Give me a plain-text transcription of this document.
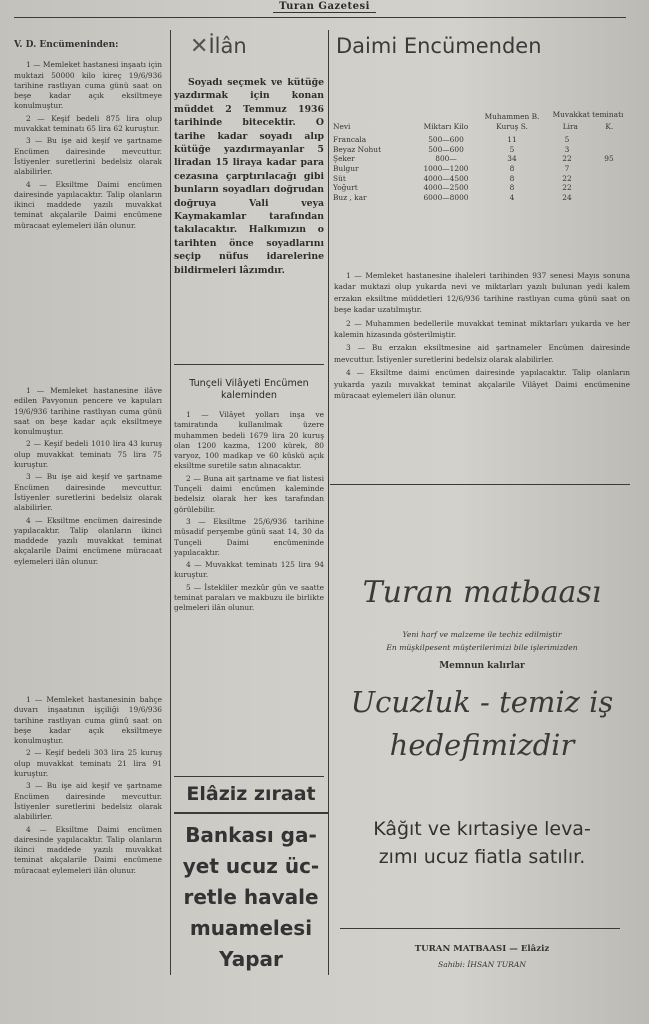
Turan Gazetesi

V. D. Encümeninden:

1 — Memleket hastanesi inşaatı için muktazi 50000 kilo kireç 19/6/936 tarihine rastlıyan cuma günü saat on beşe kadar açık eksiltmeye konulmuştur.

2 — Keşif bedeli 875 lira olup muvakkat teminatı 65 lira 62 kuruştur.

3 — Bu işe aid keşif ve şartname Encümen dairesinde mevcuttur. İstiyenler suretlerini bedelsiz olarak alabilirler.

4 — Eksiltme Daimi encümen dairesinde yapılacaktır. Talip olanların ikinci maddede yazılı muvakkat teminat akçalarile Daimi encümene müracaat eylemeleri ilân olunur.

1 — Memleket hastanesine ilâve edilen Pavyonun pencere ve kapuları 19/6/936 tarihine rastlıyan cuma günü saat on beşe kadar açık eksiltmeye konulmuştur.

2 — Keşif bedeli 1010 lira 43 kuruş olup muvakkat teminatı 75 lira 75 kuruştur.

3 — Bu işe aid keşif ve şartname Encümen dairesinde mevcuttur. İstiyenler suretlerini bedelsiz olarak alabilirler.

4 — Eksiltme encümen dairesinde yapılacaktır. Talip olanların ikinci maddede yazılı muvakkat teminat akçalarile Daimi encümene müracaat eylemeleri ilân olunur.

1 — Memleket hastanesinin bahçe duvarı inşaatının işçiliği 19/6/936 tarihine rastlıyan cuma günü saat on beşe kadar açık eksiltmeye konulmuştur.

2 — Keşif bedeli 303 lira 25 kuruş olup muvakkat teminatı 21 lira 91 kuruştur.

3 — Bu işe aid keşif ve şartname Encümen dairesinde mevcuttur. İstiyenler suretlerini bedelsiz olarak alabilirler.

4 — Eksiltme Daimi encümen dairesinde yapılacaktır. Talip olanların ikinci maddede yazılı muvakkat teminat akçalarile Daimi encümene müracaat eylemeleri ilân olunur.

✕İlân

Soyadı seçmek ve kütüğe yazdırmak için konan müddet 2 Temmuz 1936 tarihinde bitecektir. O tarihe kadar soyadı alıp kütüğe yazdırmayanlar 5 liradan 15 liraya kadar para cezasına çarptırılacağı gibi bunların soyadları doğrudan doğruya Vali veya Kaymakamlar tarafından takılacaktır. Halkımızın o tarihten önce soyadlarını seçip nüfus idarelerine bildirmeleri lâzımdır.

Tunçeli Vilâyeti Encümen kaleminden

1 — Vilâyet yolları inşa ve tamiratında kullanılmak üzere muhammen bedeli 1679 lira 20 kuruş olan 1200 kazma, 1200 kürek, 80 varyoz, 100 madkap ve 60 küskü açık eksiltme suretile satın alınacaktır.

2 — Buna ait şartname ve fiat listesi Tunçeli daimi encümen kaleminde bedelsiz olarak her kes tarafından görülebilir.

3 — Eksiltme 25/6/936 tarihine müsadif perşembe günü saat 14, 30 da Tunçeli Daimi encümeninde yapılacaktır.

4 — Muvakkat teminatı 125 lira 94 kuruştur.

5 — İstekliler mezkûr gün ve saatte teminat paraları ve makbuzu ile birlikte gelmeleri ilân olunur.

Elâziz zıraat
Bankası ga-
yet ucuz üc-
retle havale
muamelesi
Yapar
Daimi Encümenden
Nevi	Miktarı Kilo	Muhammen B. Kuruş S.	Muvakkat teminatı
Lira K.	

Francala	500—600	11	5	
Beyaz Nohut	500—600	5	3	
Şeker	800—	34	22	95
Bulgur	1000—1200	8	7	
Süt	4000—4500	8	22	
Yoğurt	4000—2500	8	22	
Buz , kar	6000—8000	4	24	

1 — Memleket hastanesine ihaleleri tarihinden 937 senesi Mayıs sonuna kadar muktazi olup yukarda nevi ve miktarları yazılı bulunan yedi kalem erzakın eksiltme müddetleri 12/6/936 tarihine rastlıyan cuma günü saat on beşe kadar uzatılmıştır.

2 — Muhammen bedellerile muvakkat teminat miktarları yukarda ve her kalemin hizasında gösterilmiştir.

3 — Bu erzakın eksiltmesine aid şartnameler Encümen dairesinde mevcuttur. İstiyenler suretlerini bedelsiz olarak alabilirler.

4 — Eksiltme daimi encümen dairesinde yapılacaktır. Talip olanların yukarda yazılı muvakkat teminat akçalarile Vilâyet Daimi encümenine müracaat eylemeleri ilân olunur.

Turan matbaası
Yeni harf ve malzeme ile techiz edilmiştir
En müşkilpesent müşterilerimizi bile işlerimizden
Memnun kalırlar
Ucuzluk - temiz iş
hedefimizdir
Kâğıt ve kırtasiye leva-
zımı ucuz fiatla satılır.
TURAN MATBAASI — Elâziz
Sahibi: İHSAN TURAN
